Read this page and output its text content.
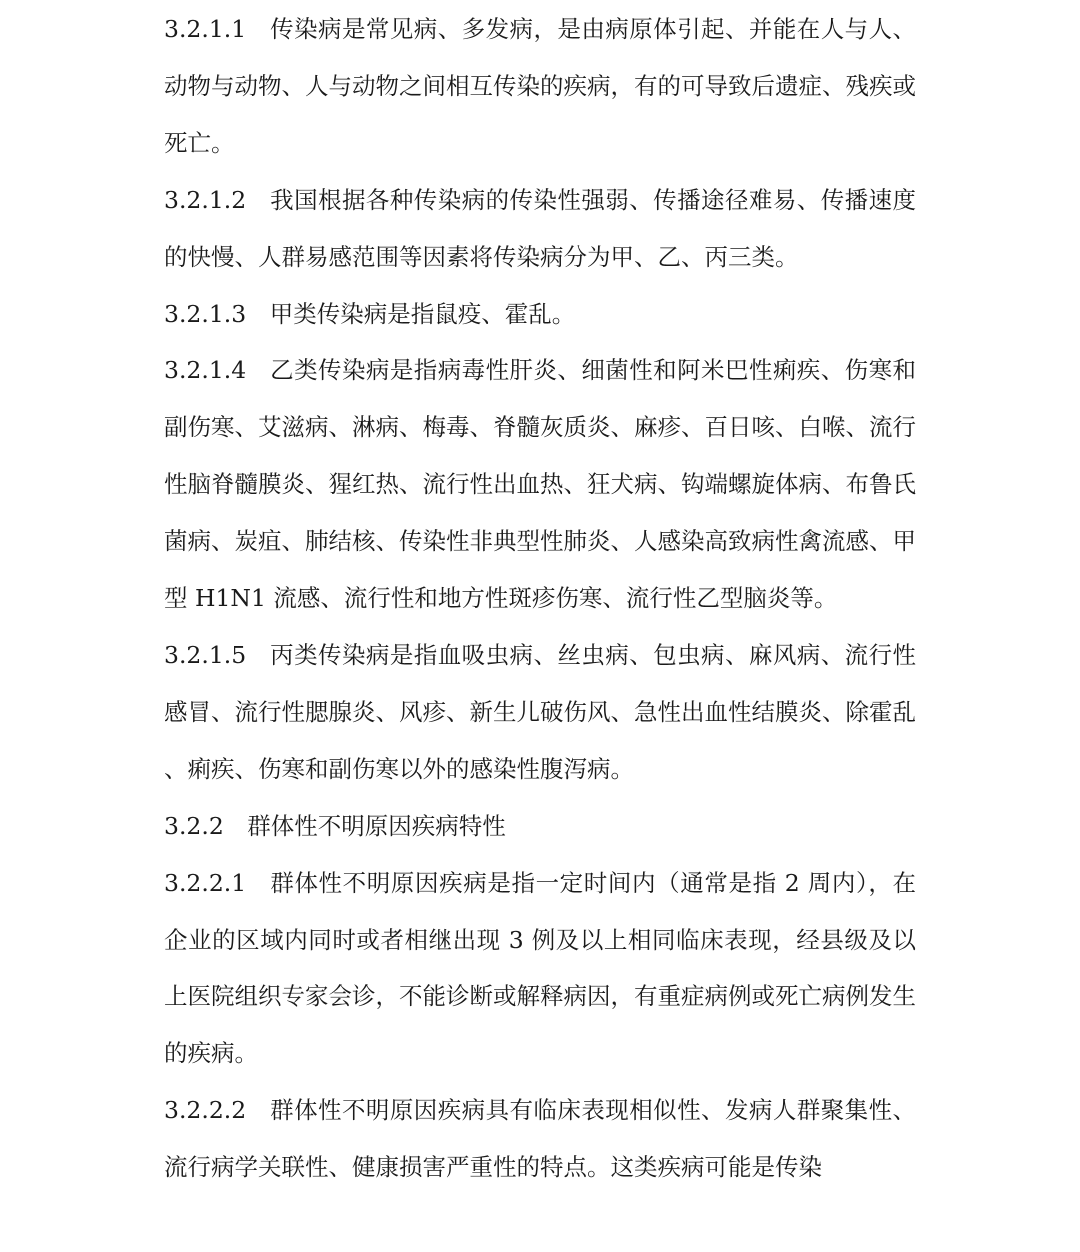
3.2.1.1  传染病是常见病、多发病，是由病原体引起、并能在人与人、动物与动物、人与动物之间相互传染的疾病，有的可导致后遗症、残疾或死亡。

3.2.1.2  我国根据各种传染病的传染性强弱、传播途径难易、传播速度的快慢、人群易感范围等因素将传染病分为甲、乙、丙三类。

3.2.1.3  甲类传染病是指鼠疫、霍乱。

3.2.1.4  乙类传染病是指病毒性肝炎、细菌性和阿米巴性痢疾、伤寒和副伤寒、艾滋病、淋病、梅毒、脊髓灰质炎、麻疹、百日咳、白喉、流行性脑脊髓膜炎、猩红热、流行性出血热、狂犬病、钩端螺旋体病、布鲁氏菌病、炭疽、肺结核、传染性非典型性肺炎、人感染高致病性禽流感、甲型 H1N1 流感、流行性和地方性斑疹伤寒、流行性乙型脑炎等。

3.2.1.5  丙类传染病是指血吸虫病、丝虫病、包虫病、麻风病、流行性感冒、流行性腮腺炎、风疹、新生儿破伤风、急性出血性结膜炎、除霍乱、痢疾、伤寒和副伤寒以外的感染性腹泻病。

3.2.2  群体性不明原因疾病特性

3.2.2.1  群体性不明原因疾病是指一定时间内（通常是指 2 周内），在企业的区域内同时或者相继出现 3 例及以上相同临床表现，经县级及以上医院组织专家会诊，不能诊断或解释病因，有重症病例或死亡病例发生的疾病。

3.2.2.2  群体性不明原因疾病具有临床表现相似性、发病人群聚集性、流行病学关联性、健康损害严重性的特点。这类疾病可能是传染
